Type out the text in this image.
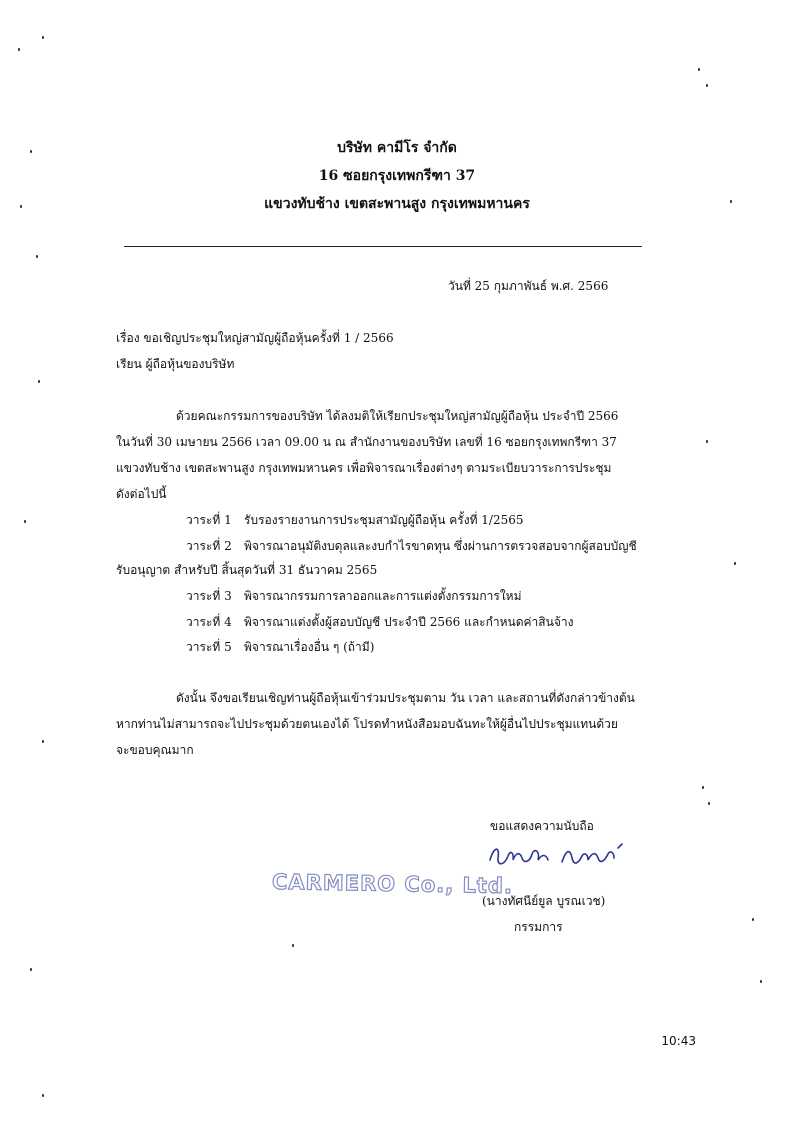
บริษัท คามีโร จำกัด
16 ซอยกรุงเทพกรีฑา 37
แขวงทับช้าง เขตสะพานสูง กรุงเทพมหานคร
วันที่ 25 กุมภาพันธ์ พ.ศ. 2566
เรื่อง ขอเชิญประชุมใหญ่สามัญผู้ถือหุ้นครั้งที่ 1 / 2566
เรียน ผู้ถือหุ้นของบริษัท
ด้วยคณะกรรมการของบริษัท ได้ลงมติให้เรียกประชุมใหญ่สามัญผู้ถือหุ้น ประจำปี 2566
ในวันที่ 30 เมษายน 2566 เวลา 09.00 น ณ สำนักงานของบริษัท เลขที่ 16 ซอยกรุงเทพกรีฑา 37
แขวงทับช้าง เขตสะพานสูง กรุงเทพมหานคร เพื่อพิจารณาเรื่องต่างๆ ตามระเบียบวาระการประชุม
ดังต่อไปนี้
วาระที่ 1 รับรองรายงานการประชุมสามัญผู้ถือหุ้น ครั้งที่ 1/2565
วาระที่ 2 พิจารณาอนุมัติงบดุลและงบกำไรขาดทุน ซึ่งผ่านการตรวจสอบจากผู้สอบบัญชี
รับอนุญาต สำหรับปี สิ้นสุดวันที่ 31 ธันวาคม 2565
วาระที่ 3 พิจารณากรรมการลาออกและการแต่งตั้งกรรมการใหม่
วาระที่ 4 พิจารณาแต่งตั้งผู้สอบบัญชี ประจำปี 2566 และกำหนดค่าสินจ้าง
วาระที่ 5 พิจารณาเรื่องอื่น ๆ (ถ้ามี)
ดังนั้น จึงขอเรียนเชิญท่านผู้ถือหุ้นเข้าร่วมประชุมตาม วัน เวลา และสถานที่ดังกล่าวข้างต้น
หากท่านไม่สามารถจะไปประชุมด้วยตนเองได้ โปรดทำหนังสือมอบฉันทะให้ผู้อื่นไปประชุมแทนด้วย
จะขอบคุณมาก
ขอแสดงความนับถือ
CARMERO Co., Ltd.
(นางทัศนีย์ยูล บูรณเวช)
กรรมการ
10:43
